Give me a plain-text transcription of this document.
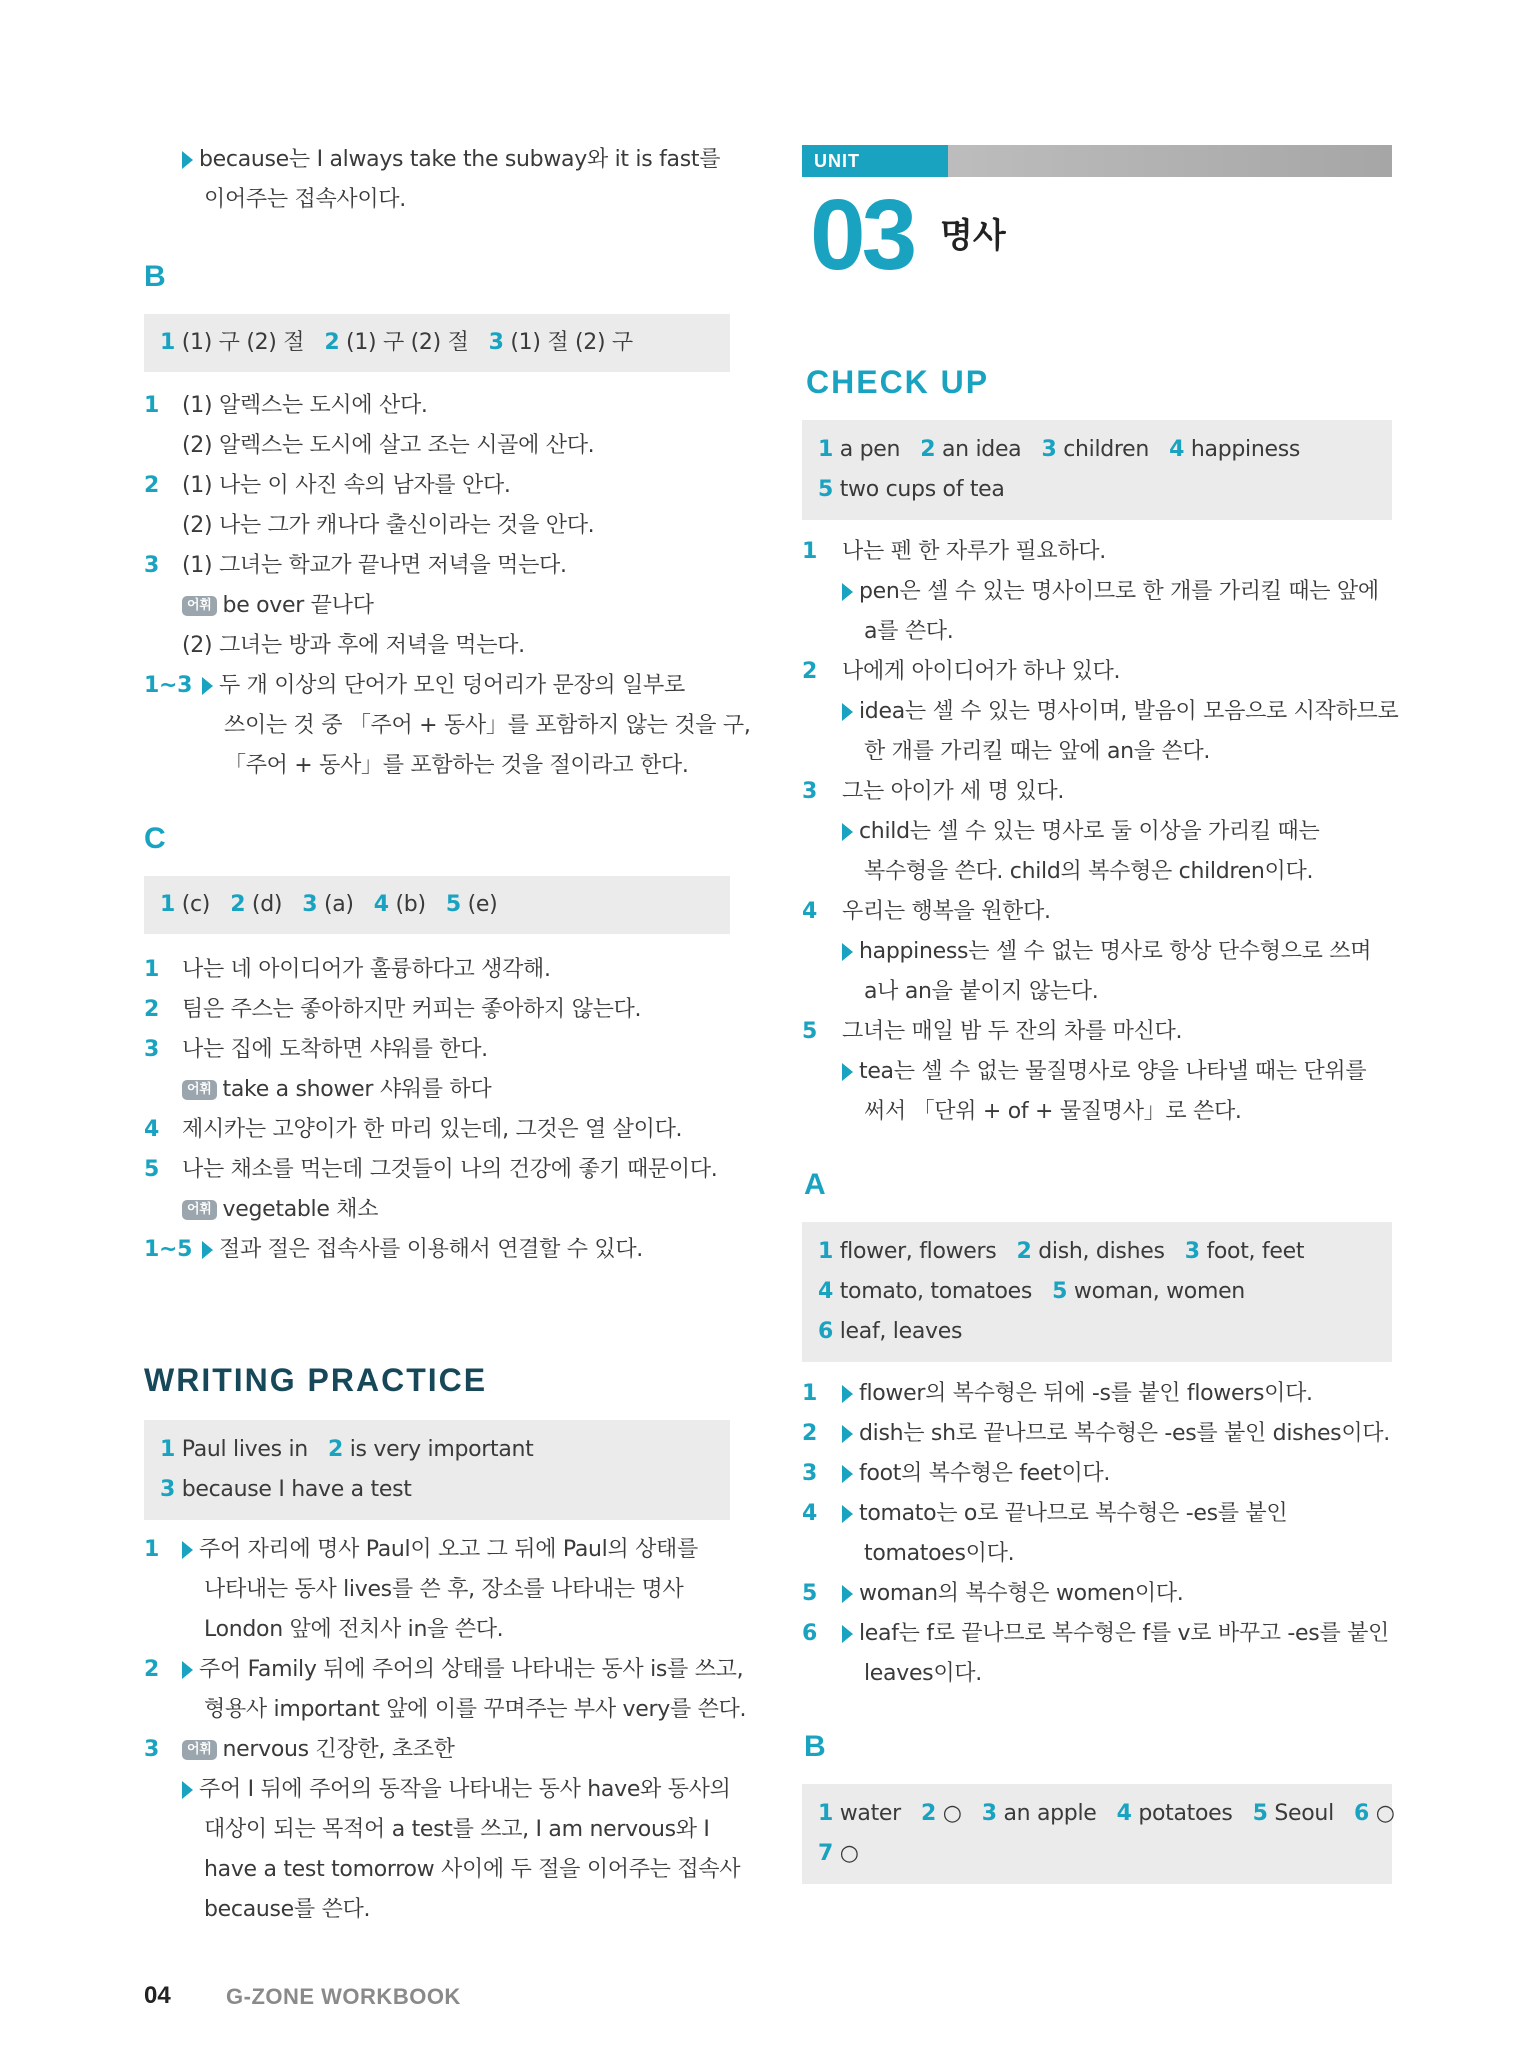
because는 I always take the subway와 it is fast를
이어주는 접속사이다.
B
1 (1) 구 (2) 절 2 (1) 구 (2) 절 3 (1) 절 (2) 구
1 (1) 알렉스는 도시에 산다.
(2) 알렉스는 도시에 살고 조는 시골에 산다.
2 (1) 나는 이 사진 속의 남자를 안다.
(2) 나는 그가 캐나다 출신이라는 것을 안다.
3 (1) 그녀는 학교가 끝나면 저녁을 먹는다.
어휘 be over 끝나다
(2) 그녀는 방과 후에 저녁을 먹는다.
1~3	두 개 이상의 단어가 모인 덩어리가 문장의 일부로
쓰이는 것 중 「주어 + 동사」를 포함하지 않는 것을 구,
「주어 + 동사」를 포함하는 것을 절이라고 한다.
C
1 (c) 2 (d) 3 (a) 4 (b) 5 (e)
1 나는 네 아이디어가 훌륭하다고 생각해.
2 팀은 주스는 좋아하지만 커피는 좋아하지 않는다.
3 나는 집에 도착하면 샤워를 한다.
어휘 take a shower 샤워를 하다
4 제시카는 고양이가 한 마리 있는데, 그것은 열 살이다.
5 나는 채소를 먹는데 그것들이 나의 건강에 좋기 때문이다.
어휘 vegetable 채소
1~5	절과 절은 접속사를 이용해서 연결할 수 있다.
WRITING PRACTICE
1 Paul lives in 2 is very important
3 because I have a test
1	주어 자리에 명사 Paul이 오고 그 뒤에 Paul의 상태를
나타내는 동사 lives를 쓴 후, 장소를 나타내는 명사
London 앞에 전치사 in을 쓴다.
2	주어 Family 뒤에 주어의 상태를 나타내는 동사 is를 쓰고,
형용사 important 앞에 이를 꾸며주는 부사 very를 쓴다.
3	어휘 nervous 긴장한, 초조한
주어 I 뒤에 주어의 동작을 나타내는 동사 have와 동사의
대상이 되는 목적어 a test를 쓰고, I am nervous와 I
have a test tomorrow 사이에 두 절을 이어주는 접속사
because를 쓴다.
UNIT
03 명사
CHECK UP
1 a pen 2 an idea 3 children 4 happiness
5 two cups of tea
1 나는 펜 한 자루가 필요하다.
pen은 셀 수 있는 명사이므로 한 개를 가리킬 때는 앞에
a를 쓴다.
2 나에게 아이디어가 하나 있다.
idea는 셀 수 있는 명사이며, 발음이 모음으로 시작하므로
한 개를 가리킬 때는 앞에 an을 쓴다.
3 그는 아이가 세 명 있다.
child는 셀 수 있는 명사로 둘 이상을 가리킬 때는
복수형을 쓴다. child의 복수형은 children이다.
4 우리는 행복을 원한다.
happiness는 셀 수 없는 명사로 항상 단수형으로 쓰며
a나 an을 붙이지 않는다.
5 그녀는 매일 밤 두 잔의 차를 마신다.
tea는 셀 수 없는 물질명사로 양을 나타낼 때는 단위를
써서 「단위 + of + 물질명사」로 쓴다.
A
1 flower, flowers 2 dish, dishes 3 foot, feet
4 tomato, tomatoes 5 woman, women
6 leaf, leaves
1	flower의 복수형은 뒤에 -s를 붙인 flowers이다.
2	dish는 sh로 끝나므로 복수형은 -es를 붙인 dishes이다.
3	foot의 복수형은 feet이다.
4	tomato는 o로 끝나므로 복수형은 -es를 붙인
tomatoes이다.
5	woman의 복수형은 women이다.
6	leaf는 f로 끝나므로 복수형은 f를 v로 바꾸고 -es를 붙인
leaves이다.
B
1 water 2 ○ 3 an apple 4 potatoes 5 Seoul 6 ○
7 ○
04	G-ZONE WORKBOOK
